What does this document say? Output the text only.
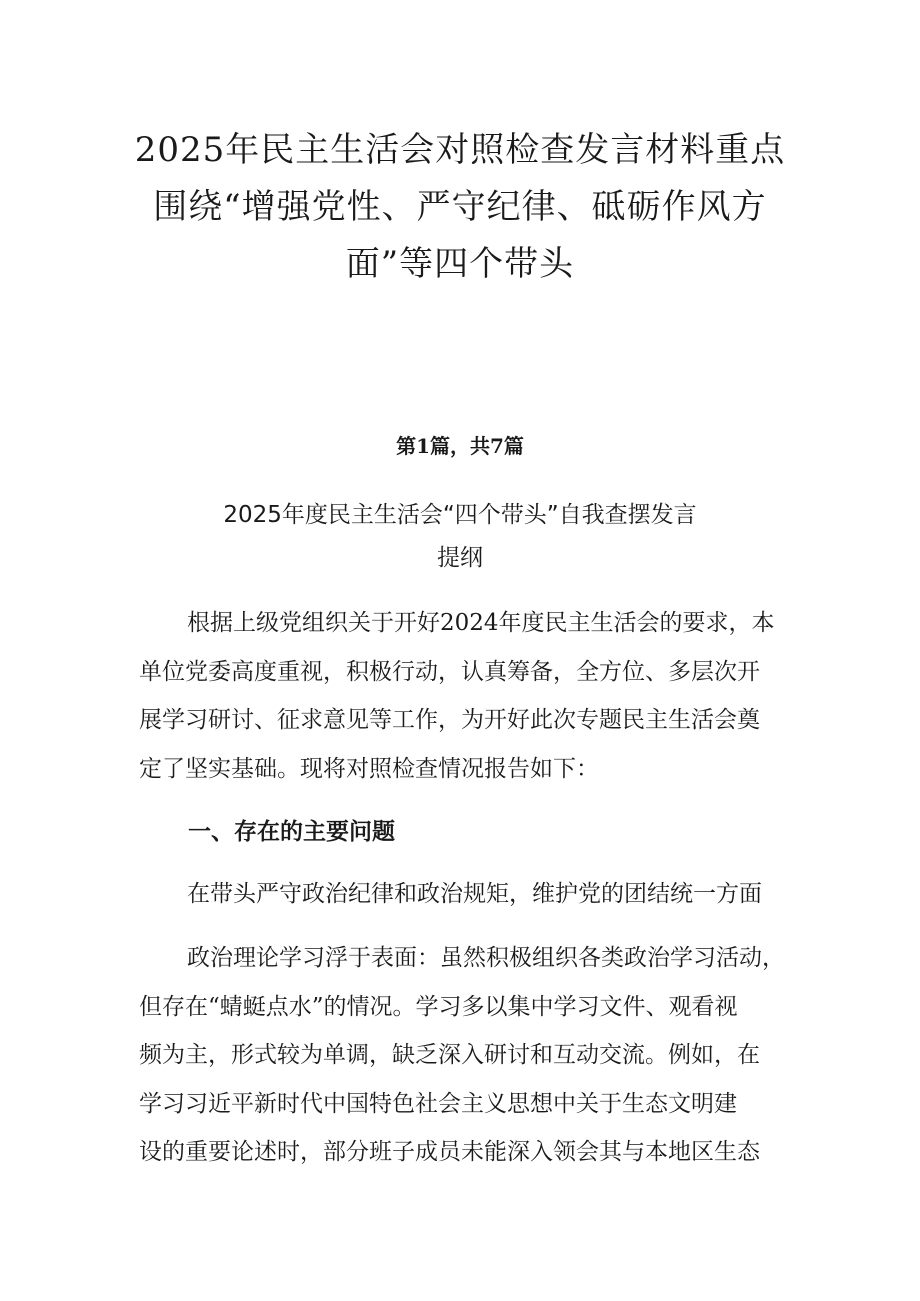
2025年民主生活会对照检查发言材料重点
围绕“增强党性、严守纪律、砥砺作风方
面”等四个带头
第1篇，共7篇
2025年度民主生活会“四个带头”自我查摆发言
提纲
根据上级党组织关于开好2024年度民主生活会的要求，本
单位党委高度重视，积极行动，认真筹备，全方位、多层次开
展学习研讨、征求意见等工作，为开好此次专题民主生活会奠
定了坚实基础。现将对照检查情况报告如下：
一、存在的主要问题
在带头严守政治纪律和政治规矩，维护党的团结统一方面
政治理论学习浮于表面：虽然积极组织各类政治学习活动，
但存在“蜻蜓点水”的情况。学习多以集中学习文件、观看视
频为主，形式较为单调，缺乏深入研讨和互动交流。例如，在
学习习近平新时代中国特色社会主义思想中关于生态文明建
设的重要论述时，部分班子成员未能深入领会其与本地区生态
